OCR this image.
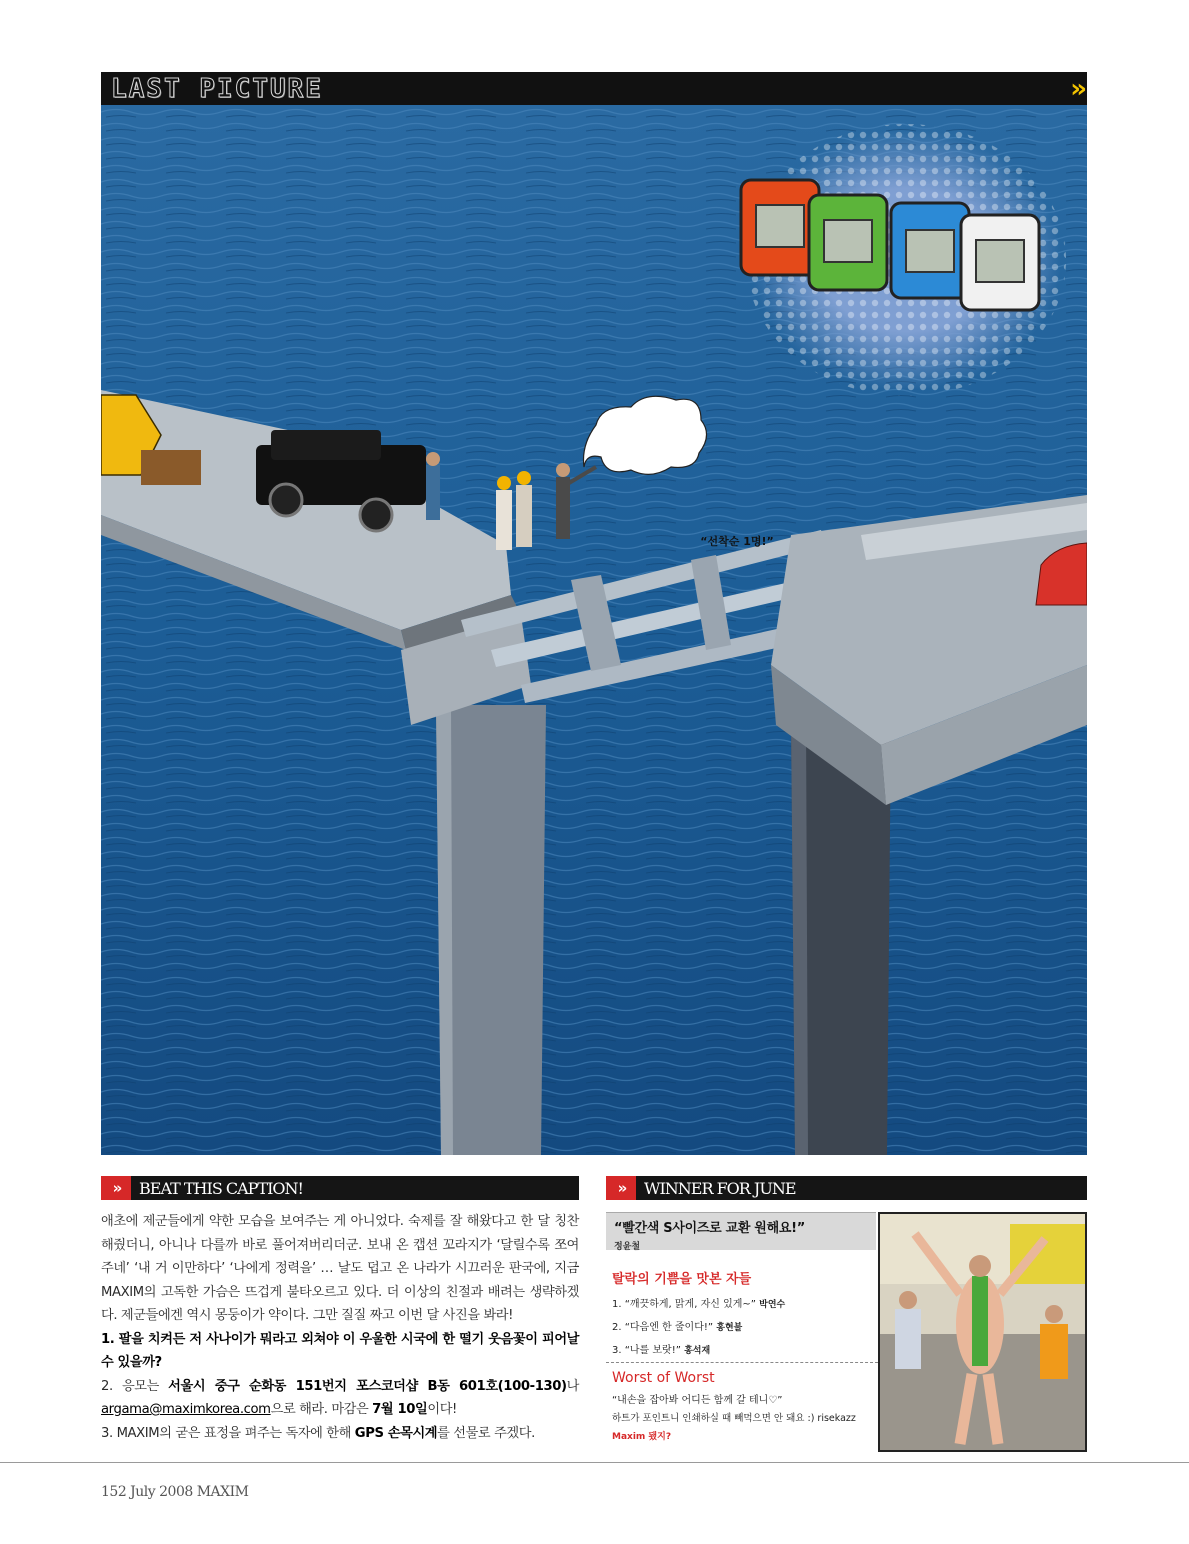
LAST PICTURE	»
“선착순 1명!”
»	BEAT THIS CAPTION!

애초에 제군들에게 약한 모습을 보여주는 게 아니었다. 숙제를 잘 해왔다고 한 달 칭찬해줬더니, 아니나 다를까 바로 풀어져버리더군. 보내 온 캡션 꼬라지가 ‘달릴수록 쪼여주네’ ‘내 거 이만하다’ ‘나에게 정력을’ … 날도 덥고 온 나라가 시끄러운 판국에, 지금 MAXIM의 고독한 가슴은 뜨겁게 불타오르고 있다. 더 이상의 친절과 배려는 생략하겠다. 제군들에겐 역시 몽둥이가 약이다. 그만 질질 짜고 이번 달 사진을 봐라!

1. 팔을 치켜든 저 사나이가 뭐라고 외쳐야 이 우울한 시국에 한 떨기 웃음꽃이 피어날 수 있을까?

2. 응모는 서울시 중구 순화동 151번지 포스코더샵 B동 601호(100-130)나 argama@maximkorea.com으로 해라. 마감은 7월 10일이다!

3. MAXIM의 굳은 표정을 펴주는 독자에 한해 GPS 손목시계를 선물로 주겠다.

»	WINNER FOR JUNE
“빨간색 S사이즈로 교환 원해요!”
정윤철
탈락의 기쁨을 맛본 자들
1. “깨끗하게, 맑게, 자신 있게~” 박연수
2. “다음엔 한 줄이다!” 홍현불
3. “나를 보랏!” 홍석재
Worst of Worst
“내손을 잡아봐 어디든 함께 갈 테니♡”
하트가 포인트니 인쇄하실 때 빼먹으면 안 돼요 :) risekazz
Maxim 됐지?
152 July 2008 MAXIM
